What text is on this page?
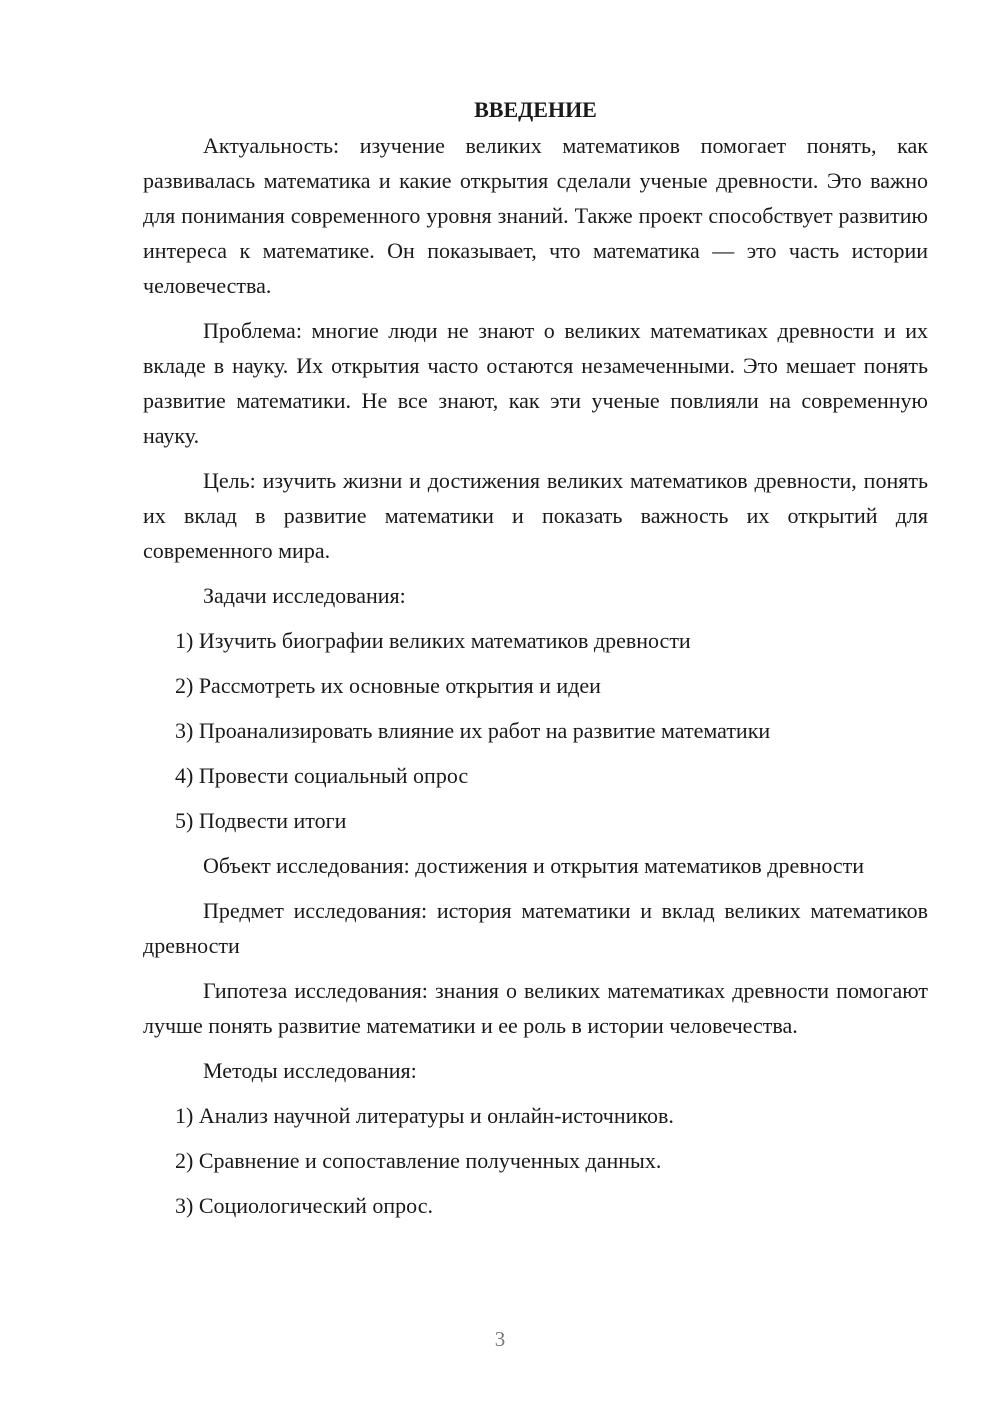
ВВЕДЕНИЕ

Актуальность: изучение великих математиков помогает понять, как развивалась математика и какие открытия сделали ученые древности. Это важно для понимания современного уровня знаний. Также проект способствует развитию интереса к математике. Он показывает, что математика — это часть истории человечества.

Проблема: многие люди не знают о великих математиках древности и их вкладе в науку. Их открытия часто остаются незамеченными. Это мешает понять развитие математики. Не все знают, как эти ученые повлияли на современную науку.

Цель: изучить жизни и достижения великих математиков древности, понять их вклад в развитие математики и показать важность их открытий для современного мира.

Задачи исследования:

1) Изучить биографии великих математиков древности

2) Рассмотреть их основные открытия и идеи

3) Проанализировать влияние их работ на развитие математики

4) Провести социальный опрос

5) Подвести итоги

Объект исследования: достижения и открытия математиков древности

Предмет исследования: история математики и вклад великих математиков древности

Гипотеза исследования: знания о великих математиках древности помогают лучше понять развитие математики и ее роль в истории человечества.

Методы исследования:

1) Анализ научной литературы и онлайн-источников.

2) Сравнение и сопоставление полученных данных.

3) Социологический опрос.

3
